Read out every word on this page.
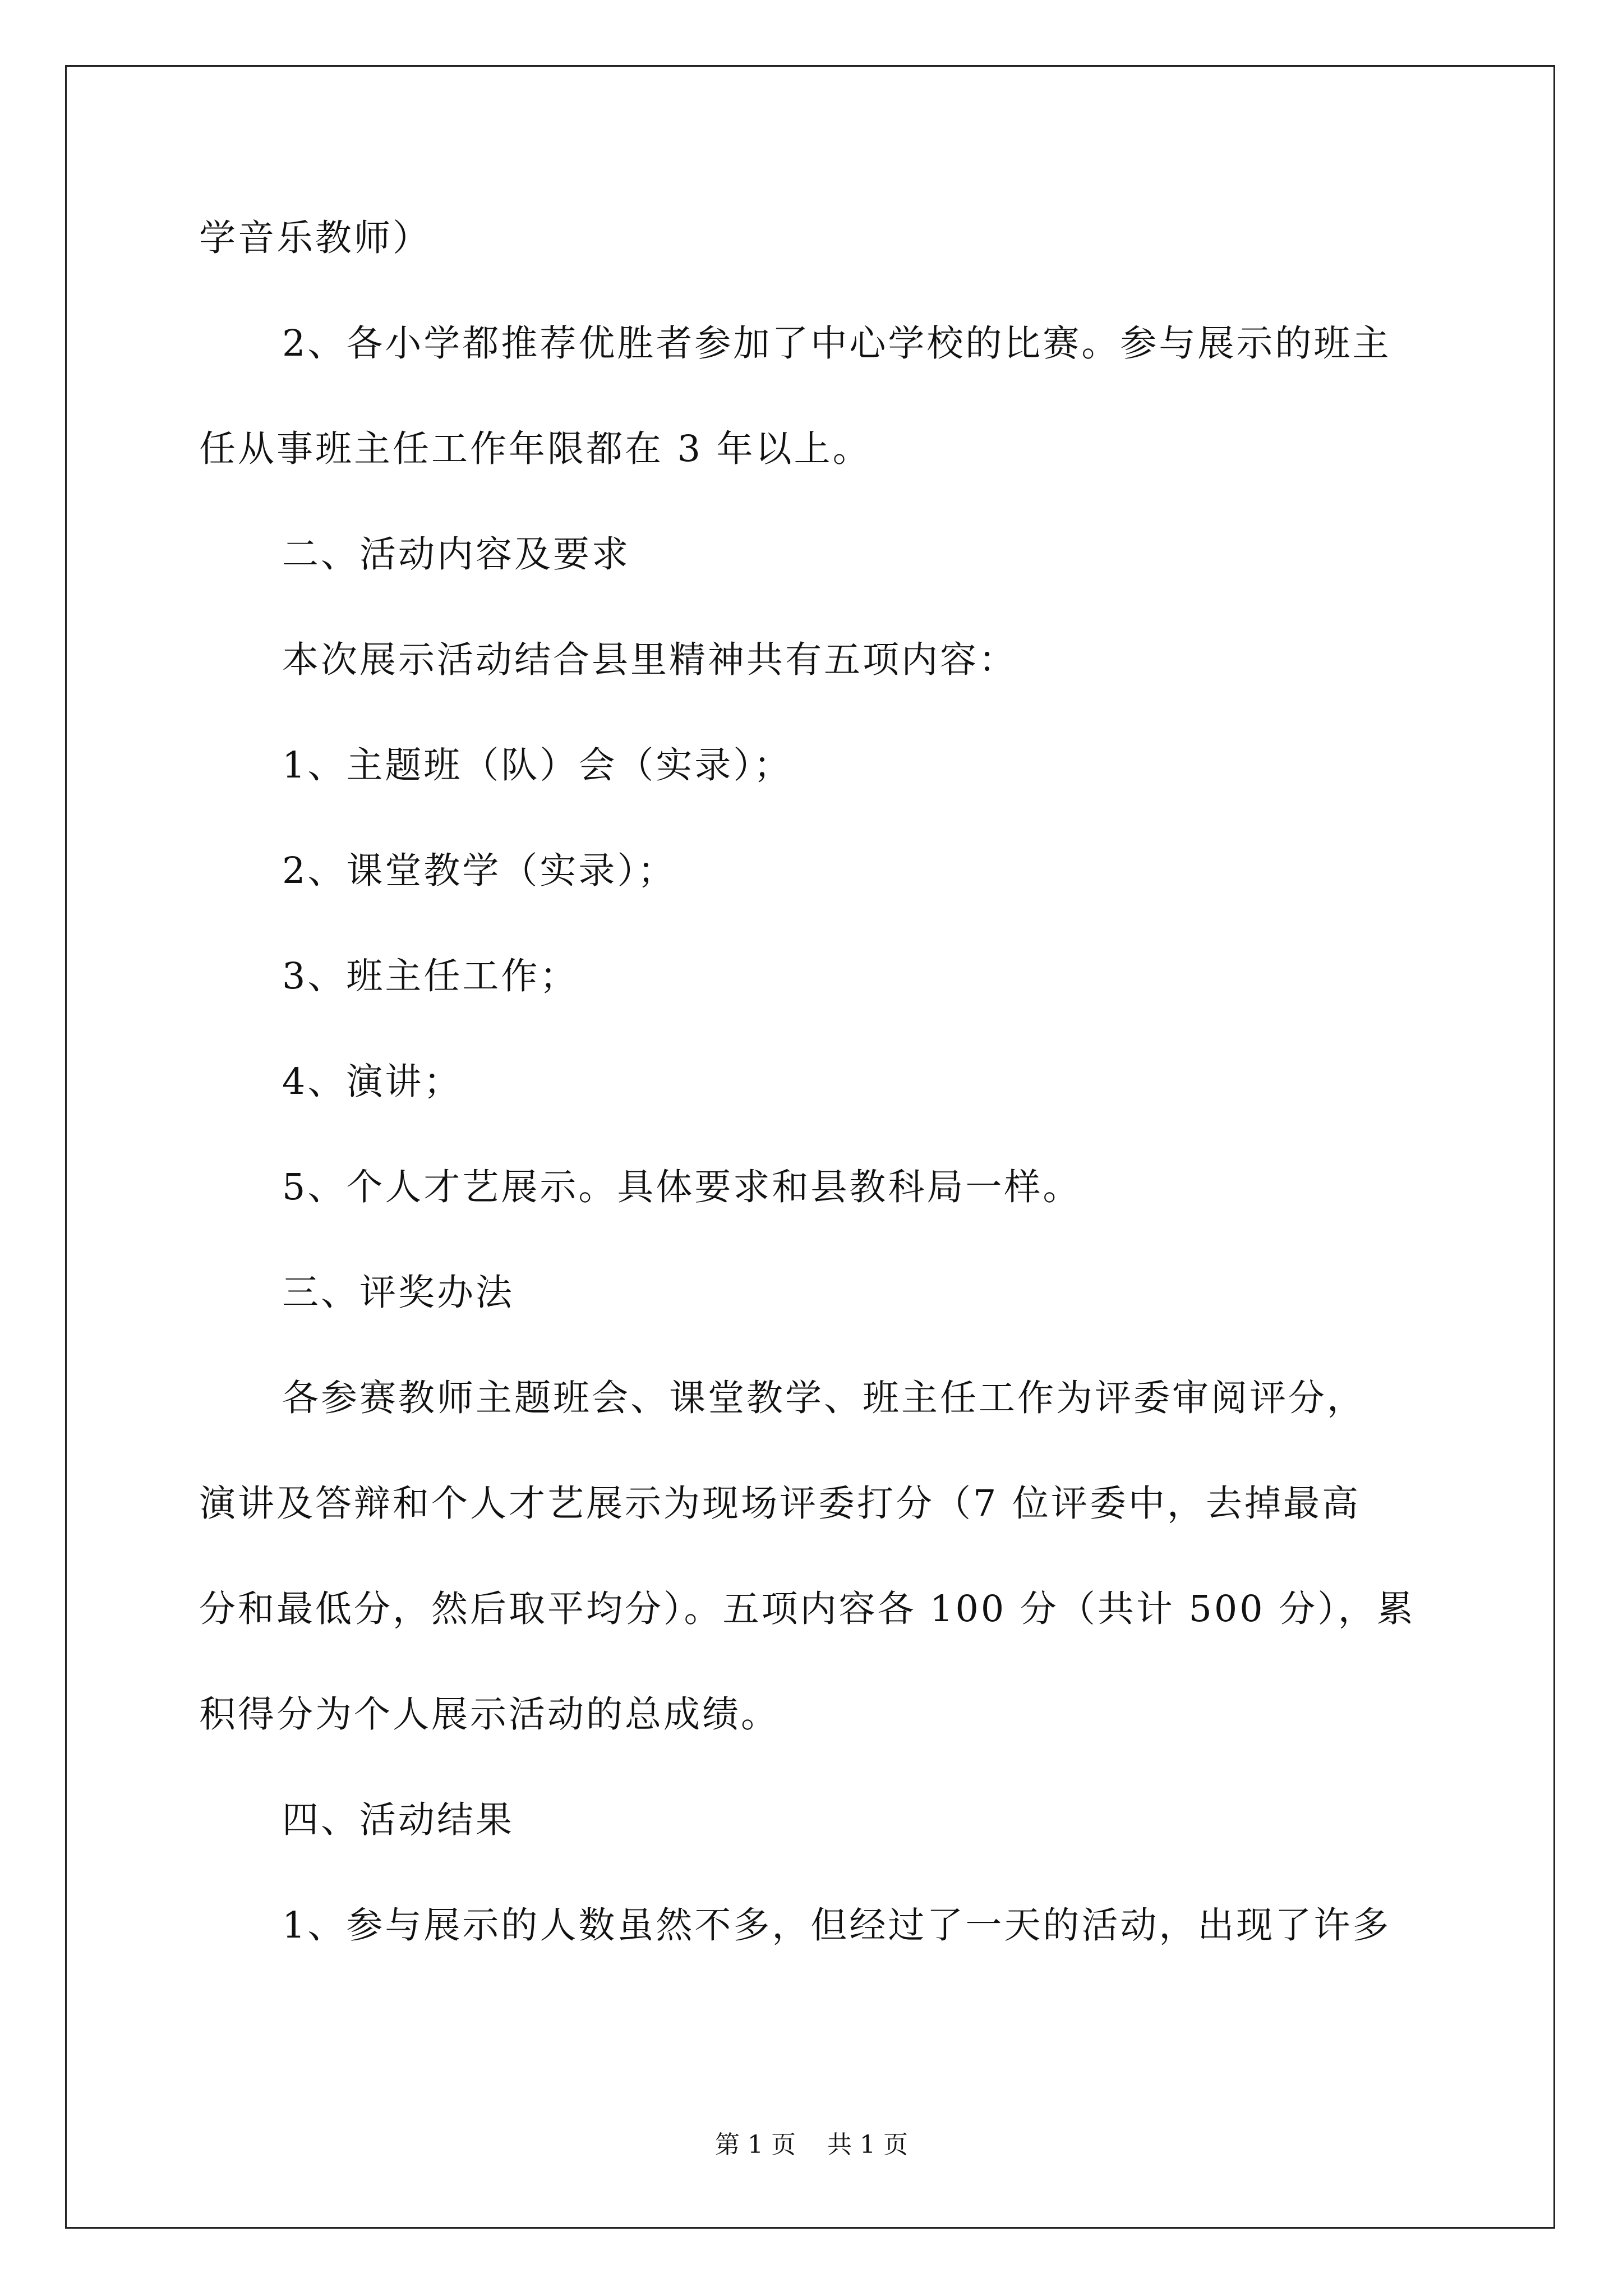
学音乐教师）
2、各小学都推荐优胜者参加了中心学校的比赛。参与展示的班主
任从事班主任工作年限都在 3 年以上。
二、活动内容及要求
本次展示活动结合县里精神共有五项内容：
1、主题班（队）会（实录）；
2、课堂教学（实录）；
3、班主任工作；
4、演讲；
5、个人才艺展示。具体要求和县教科局一样。
三、评奖办法
各参赛教师主题班会、课堂教学、班主任工作为评委审阅评分，
演讲及答辩和个人才艺展示为现场评委打分（7 位评委中，去掉最高
分和最低分，然后取平均分）。五项内容各 100 分（共计 500 分），累
积得分为个人展示活动的总成绩。
四、活动结果
1、参与展示的人数虽然不多，但经过了一天的活动，出现了许多
第 1 页 共 1 页
